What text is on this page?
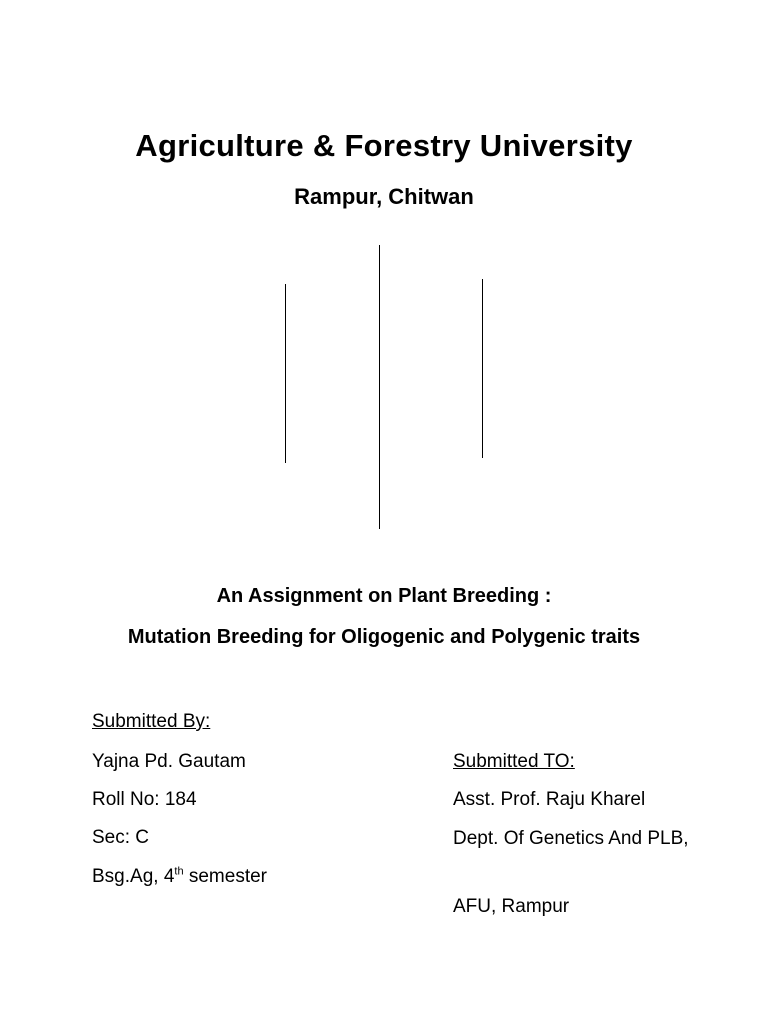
Agriculture & Forestry University
Rampur, Chitwan
An Assignment on Plant Breeding :
Mutation Breeding for Oligogenic and Polygenic traits
Submitted By:
Yajna Pd. Gautam
Roll No: 184
Sec: C
Bsg.Ag, 4th semester
Submitted TO:
Asst. Prof. Raju Kharel
Dept. Of Genetics And PLB,
AFU, Rampur
